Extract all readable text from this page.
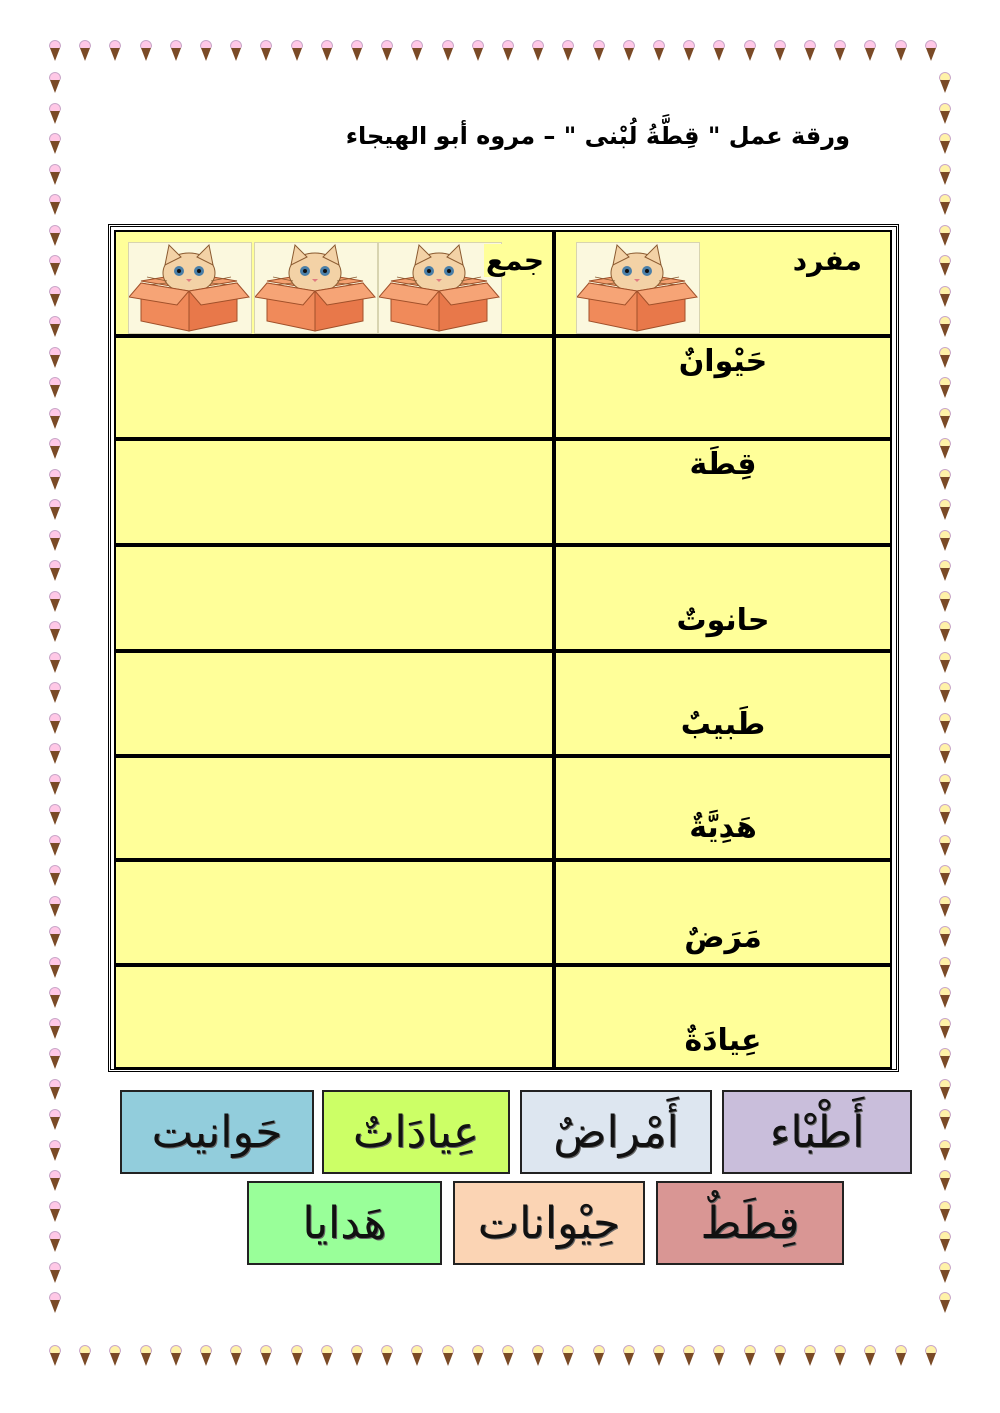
ورقة عمل " قِطَّةُ لُبْنى " – مروه أبو الهيجاء
مفرد
جمع
حَيْوانٌ
قِطَة
حانوتٌ
طَبيبٌ
هَدِيَّةٌ
مَرَضٌ
عِيادَةٌ
أَطْبْاء
أَمْراضٌ
عِيادَاتٌ
حَوانيت
قِطَطٌ
حِيْوانات
هَدايا
